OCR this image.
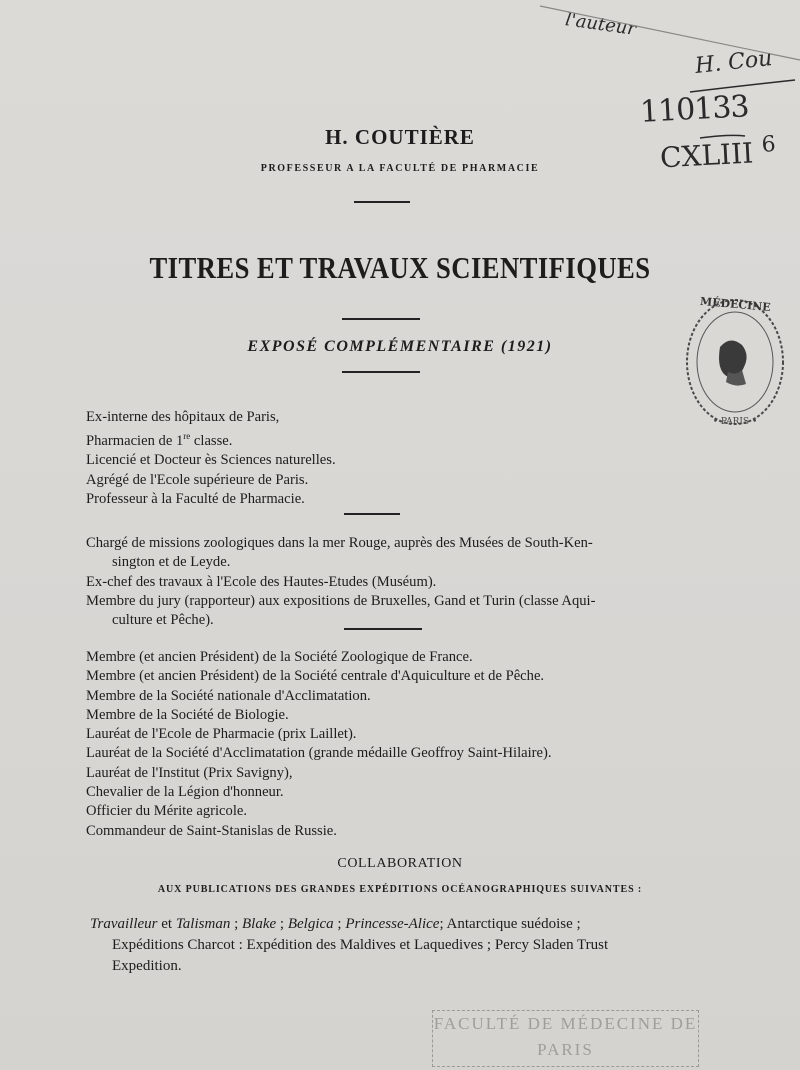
l'auteur
H. Cou
110133
CXLIII $^6$
H. COUTIÈRE
PROFESSEUR A LA FACULTÉ DE PHARMACIE
TITRES ET TRAVAUX SCIENTIFIQUES
EXPOSÉ COMPLÉMENTAIRE (1921)
MÉDECINE
• PARIS •
Ex-interne des hôpitaux de Paris,
Pharmacien de 1re classe.
Licencié et Docteur ès Sciences naturelles.
Agrégé de l'Ecole supérieure de Paris.
Professeur à la Faculté de Pharmacie.
Chargé de missions zoologiques dans la mer Rouge, auprès des Musées de South-Ken-
sington et de Leyde.
Ex-chef des travaux à l'Ecole des Hautes-Etudes (Muséum).
Membre du jury (rapporteur) aux expositions de Bruxelles, Gand et Turin (classe Aqui-
culture et Pêche).
Membre (et ancien Président) de la Société Zoologique de France.
Membre (et ancien Président) de la Société centrale d'Aquiculture et de Pêche.
Membre de la Société nationale d'Acclimatation.
Membre de la Société de Biologie.
Lauréat de l'Ecole de Pharmacie (prix Laillet).
Lauréat de la Société d'Acclimatation (grande médaille Geoffroy Saint-Hilaire).
Lauréat de l'Institut (Prix Savigny),
Chevalier de la Légion d'honneur.
Officier du Mérite agricole.
Commandeur de Saint-Stanislas de Russie.
COLLABORATION
AUX PUBLICATIONS DES GRANDES EXPÉDITIONS OCÉANOGRAPHIQUES SUIVANTES :
Travailleur et Talisman ; Blake ; Belgica ; Princesse-Alice; Antarctique suédoise ;
Expéditions Charcot : Expédition des Maldives et Laquedives ; Percy Sladen Trust
Expedition.
FACULTÉ DE MÉDECINE DE PARIS
